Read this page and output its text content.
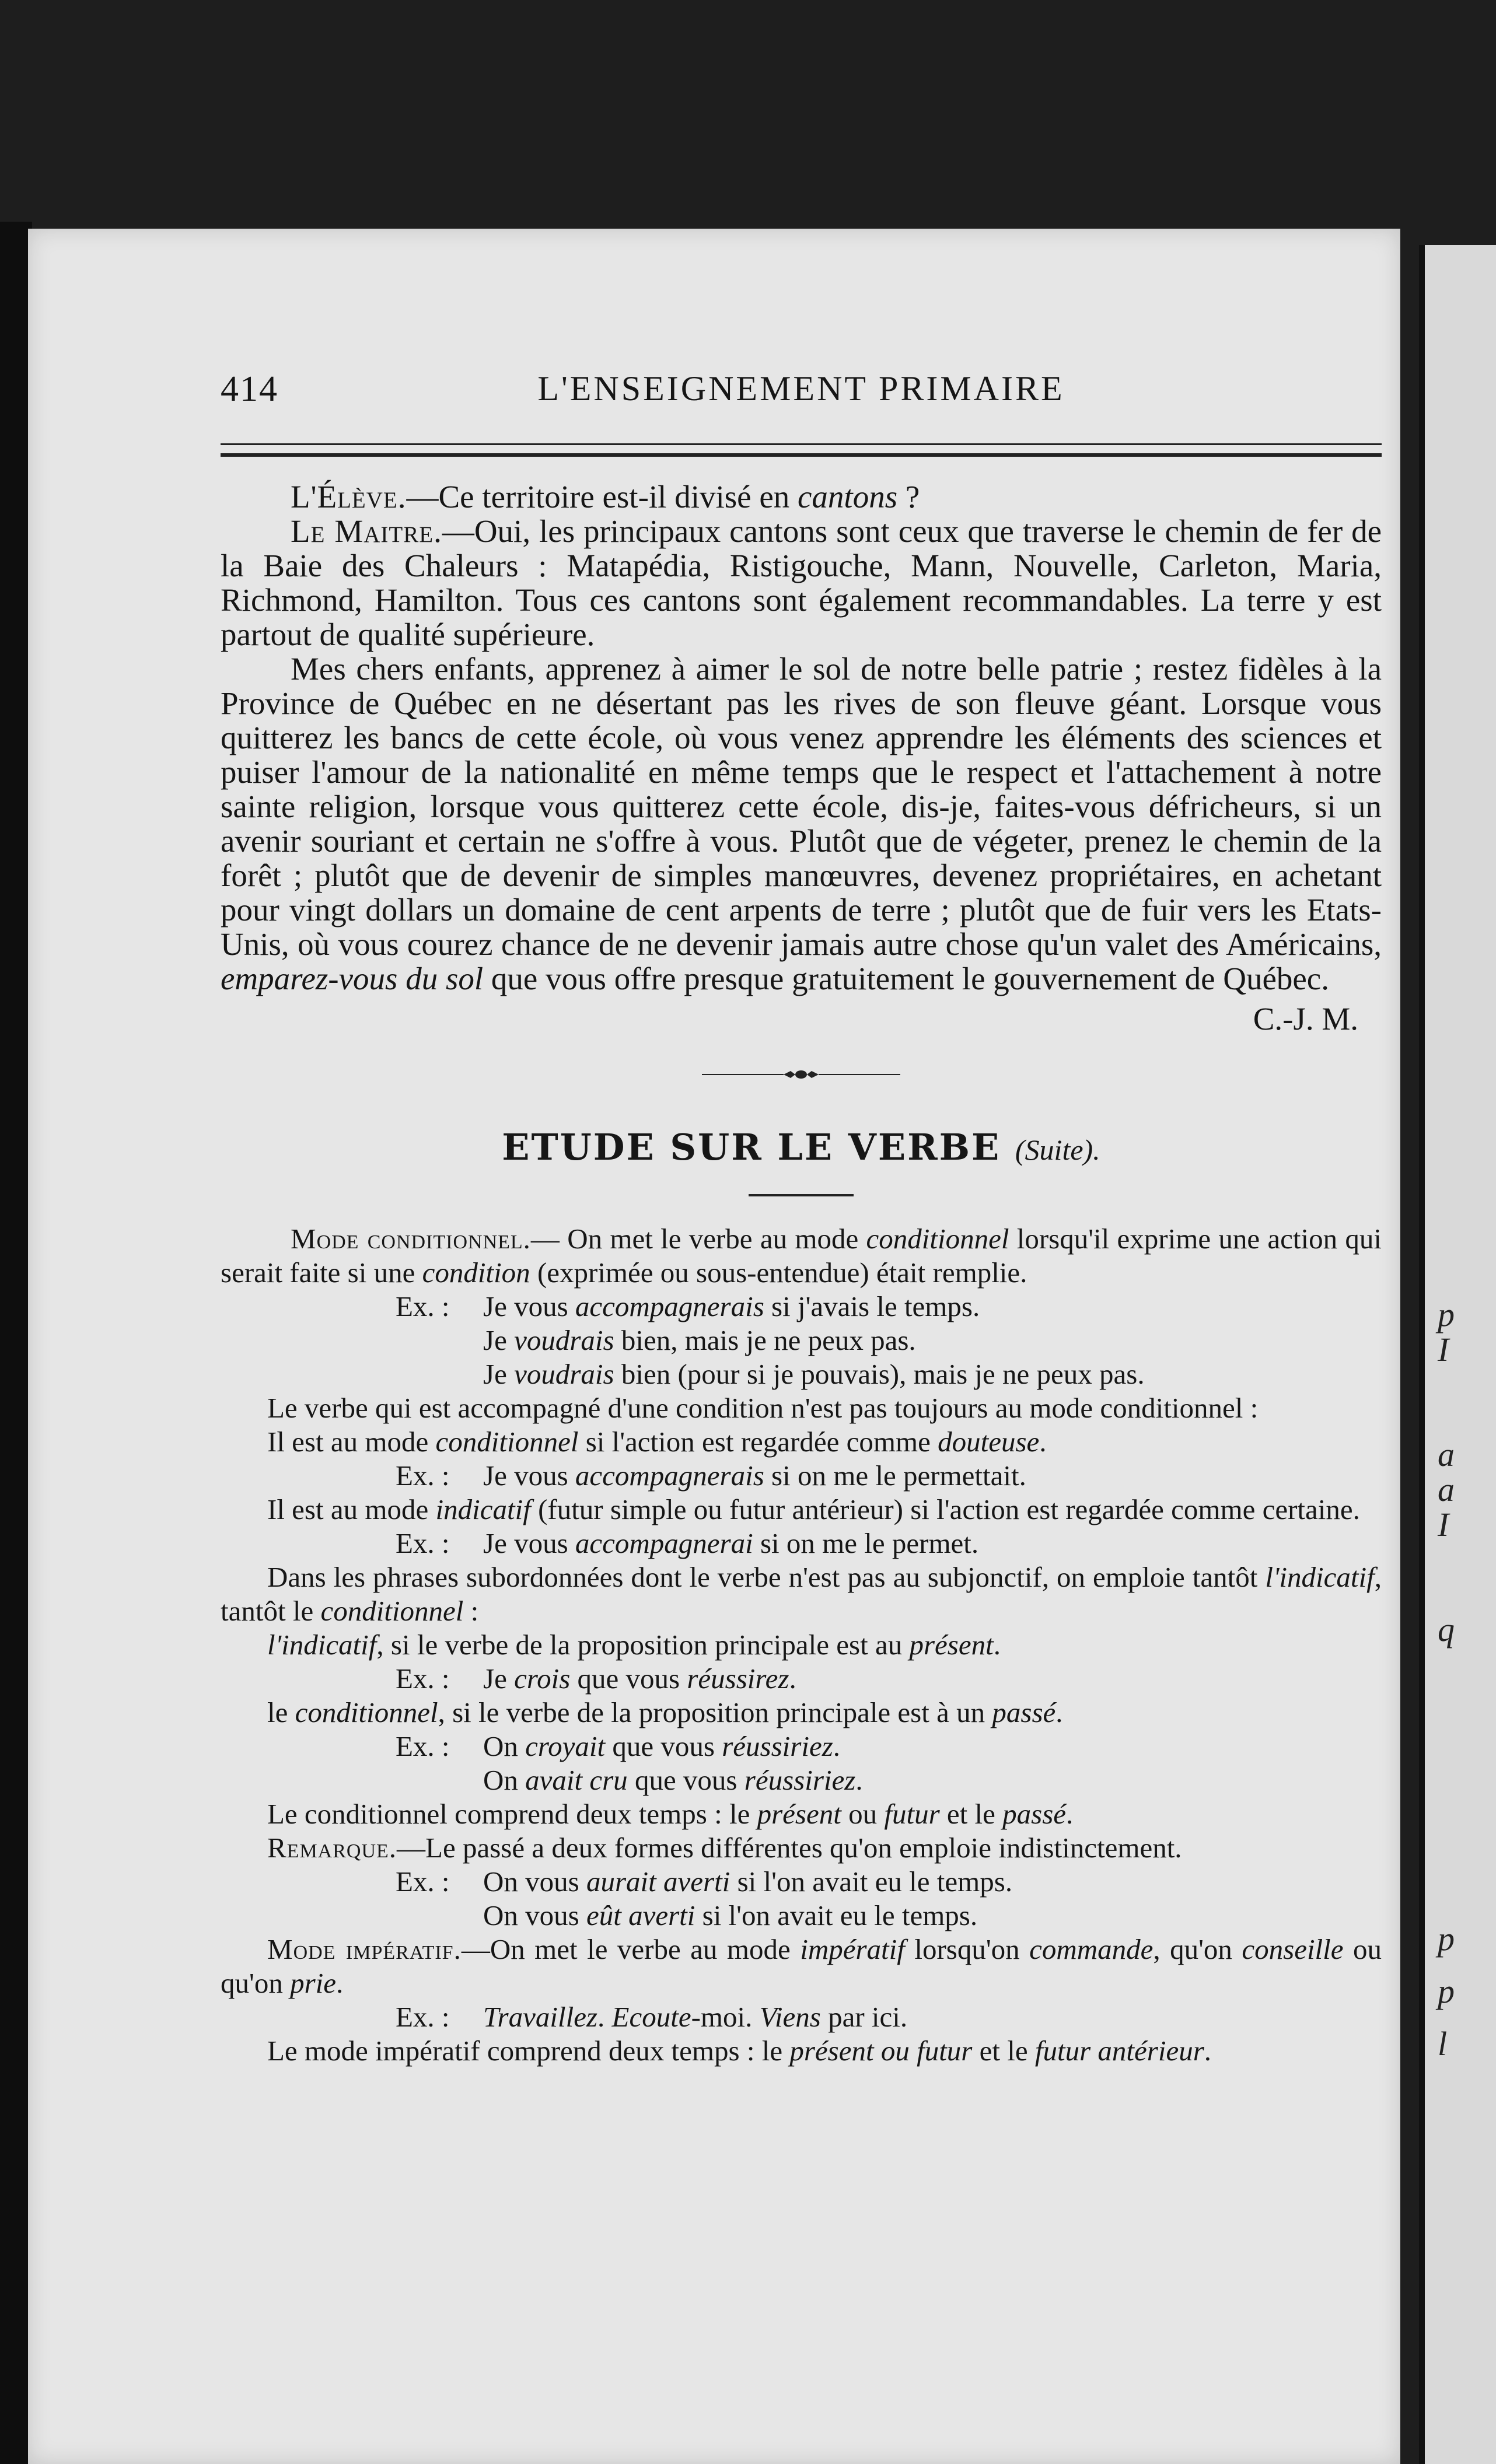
p
I
a
a
I
q
p
p
l
414	L'ENSEIGNEMENT PRIMAIRE

L'Élève.—Ce territoire est-il divisé en cantons ?

Le Maitre.—Oui, les principaux cantons sont ceux que traverse le chemin de fer de la Baie des Chaleurs : Matapédia, Ristigouche, Mann, Nouvelle, Carleton, Maria, Richmond, Hamilton. Tous ces cantons sont également recommandables. La terre y est partout de qualité supérieure.

Mes chers enfants, apprenez à aimer le sol de notre belle patrie ; restez fidèles à la Province de Québec en ne désertant pas les rives de son fleuve géant. Lorsque vous quitterez les bancs de cette école, où vous venez apprendre les éléments des sciences et puiser l'amour de la nationalité en même temps que le respect et l'attachement à notre sainte religion, lorsque vous quitterez cette école, dis-je, faites-vous défricheurs, si un avenir souriant et certain ne s'offre à vous. Plutôt que de végeter, prenez le chemin de la forêt ; plutôt que de devenir de simples manœuvres, devenez propriétaires, en achetant pour vingt dollars un domaine de cent arpents de terre ; plutôt que de fuir vers les Etats-Unis, où vous courez chance de ne devenir jamais autre chose qu'un valet des Américains, emparez-vous du sol que vous offre presque gratuitement le gouvernement de Québec.

C.-J. M.

ETUDE SUR LE VERBE (Suite).

Mode conditionnel.— On met le verbe au mode conditionnel lorsqu'il exprime une action qui serait faite si une condition (exprimée ou sous-entendue) était remplie.

Ex. : Je vous accompagnerais si j'avais le temps.

Je voudrais bien, mais je ne peux pas.

Je voudrais bien (pour si je pouvais), mais je ne peux pas.

Le verbe qui est accompagné d'une condition n'est pas toujours au mode conditionnel :

Il est au mode conditionnel si l'action est regardée comme douteuse.

Ex. : Je vous accompagnerais si on me le permettait.

Il est au mode indicatif (futur simple ou futur antérieur) si l'action est regardée comme certaine.

Ex. : Je vous accompagnerai si on me le permet.

Dans les phrases subordonnées dont le verbe n'est pas au subjonctif, on emploie tantôt l'indicatif, tantôt le conditionnel :

l'indicatif, si le verbe de la proposition principale est au présent.

Ex. : Je crois que vous réussirez.

le conditionnel, si le verbe de la proposition principale est à un passé.

Ex. : On croyait que vous réussiriez.

On avait cru que vous réussiriez.

Le conditionnel comprend deux temps : le présent ou futur et le passé.

Remarque.—Le passé a deux formes différentes qu'on emploie indistinctement.

Ex. : On vous aurait averti si l'on avait eu le temps.

On vous eût averti si l'on avait eu le temps.

Mode impératif.—On met le verbe au mode impératif lorsqu'on commande, qu'on conseille ou qu'on prie.

Ex. : Travaillez. Ecoute-moi. Viens par ici.

Le mode impératif comprend deux temps : le présent ou futur et le futur antérieur.
